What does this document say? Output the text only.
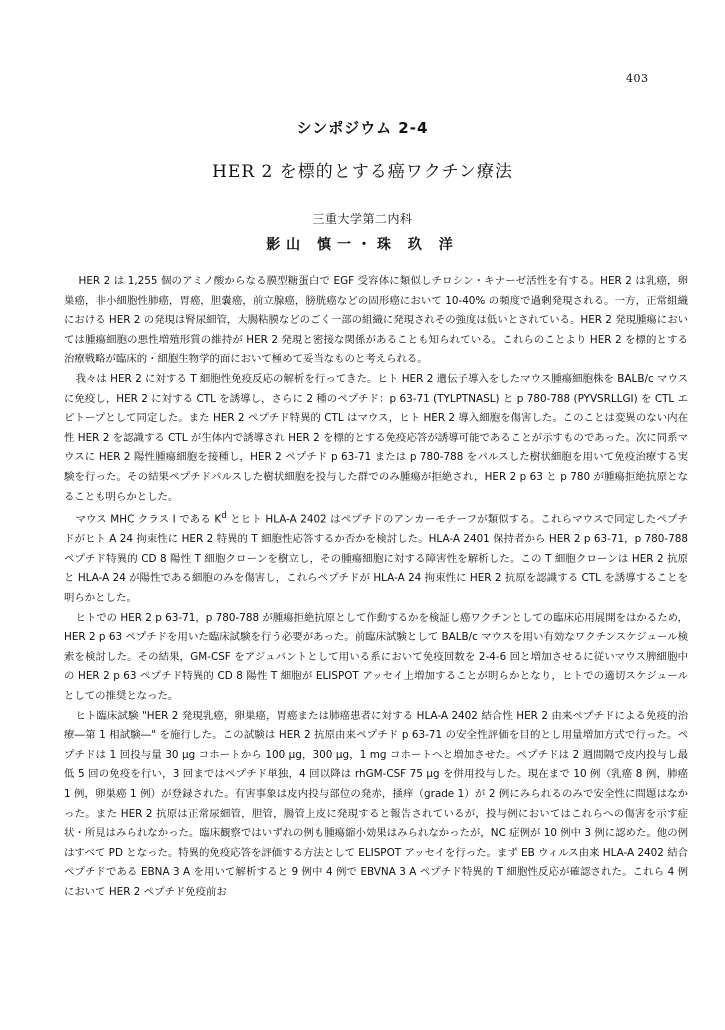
403
シンポジウム 2-4
HER 2 を標的とする癌ワクチン療法
三重大学第二内科
影山 慎一・珠 玖 洋

HER 2 は 1,255 個のアミノ酸からなる膜型糖蛋白で EGF 受容体に類似しチロシン・キナーゼ活性を有する。HER 2 は乳癌，卵巣癌，非小細胞性肺癌，胃癌，胆嚢癌，前立腺癌，膀胱癌などの固形癌において 10-40% の頻度で過剰発現される。一方，正常組織における HER 2 の発現は腎尿細管，大腸粘膜などのごく一部の組織に発現されその強度は低いとされている。HER 2 発現腫瘍においては腫瘍細胞の悪性増殖形質の維持が HER 2 発現と密接な関係があることも知られている。これらのことより HER 2 を標的とする治療戦略が臨床的・細胞生物学的面において極めて妥当なものと考えられる。

我々は HER 2 に対する T 細胞性免疫反応の解析を行ってきた。ヒト HER 2 遺伝子導入をしたマウス腫瘍細胞株を BALB/c マウスに免疫し，HER 2 に対する CTL を誘導し，さらに 2 種のペプチド：p 63-71 (TYLPTNASL) と p 780-788 (PYVSRLLGI) を CTL エピトープとして同定した。また HER 2 ペプチド特異的 CTL はマウス，ヒト HER 2 導入細胞を傷害した。このことは変異のない内在性 HER 2 を認識する CTL が生体内で誘導され HER 2 を標的とする免疫応答が誘導可能であることが示すものであった。次に同系マウスに HER 2 陽性腫瘍細胞を接種し，HER 2 ペプチド p 63-71 または p 780-788 をパルスした樹状細胞を用いて免疫治療する実験を行った。その結果ペプチドパルスした樹状細胞を投与した群でのみ腫瘍が拒絶され，HER 2 p 63 と p 780 が腫瘍拒絶抗原となることも明らかとした。

マウス MHC クラス I である $K^d$ とヒト HLA-A 2402 はペプチドのアンカーモチーフが類似する。これらマウスで同定したペプチドがヒト A 24 拘束性に HER 2 特異的 T 細胞性応答するか否かを検討した。HLA-A 2401 保持者から HER 2 p 63-71，p 780-788 ペプチド特異的 CD 8 陽性 T 細胞クローンを樹立し，その腫瘍細胞に対する障害性を解析した。この T 細胞クローンは HER 2 抗原と HLA-A 24 が陽性である細胞のみを傷害し，これらペプチドが HLA-A 24 拘束性に HER 2 抗原を認識する CTL を誘導することを明らかとした。

ヒトでの HER 2 p 63-71，p 780-788 が腫瘍拒絶抗原として作動するかを検証し癌ワクチンとしての臨床応用展開をはかるため，HER 2 p 63 ペプチドを用いた臨床試験を行う必要があった。前臨床試験として BALB/c マウスを用い有効なワクチンスケジュール検索を検討した。その結果，GM-CSF をアジュバントとして用いる系において免疫回数を 2-4-6 回と増加させるに従いマウス脾細胞中の HER 2 p 63 ペプチド特異的 CD 8 陽性 T 細胞が ELISPOT アッセイ上増加することが明らかとなり，ヒトでの適切スケジュールとしての推奨となった。

ヒト臨床試験 "HER 2 発現乳癌，卵巣癌，胃癌または肺癌患者に対する HLA-A 2402 結合性 HER 2 由来ペプチドによる免疫的治療―第 1 相試験―" を施行した。この試験は HER 2 抗原由来ペプチド p 63-71 の安全性評価を目的とし用量増加方式で行った。ペプチドは 1 回投与量 30 μg コホートから 100 μg，300 μg，1 mg コホートへと増加させた。ペプチドは 2 週間隔で皮内投与し最低 5 回の免疫を行い，3 回まではペプチド単独，4 回以降は rhGM-CSF 75 μg を併用投与した。現在まで 10 例（乳癌 8 例，肺癌 1 例，卵巣癌 1 例）が登録された。有害事象は皮内投与部位の発赤，掻痒（grade 1）が 2 例にみられるのみで安全性に問題はなかった。また HER 2 抗原は正常尿細管，胆管，腸管上皮に発現すると報告されているが，投与例においてはこれらへの傷害を示す症状・所見はみられなかった。臨床観察ではいずれの例も腫瘍縮小効果はみられなかったが，NC 症例が 10 例中 3 例に認めた。他の例はすべて PD となった。特異的免疫応答を評価する方法として ELISPOT アッセイを行った。まず EB ウィルス由来 HLA-A 2402 結合ペプチドである EBNA 3 A を用いて解析すると 9 例中 4 例で EBVNA 3 A ペプチド特異的 T 細胞性反応が確認された。これら 4 例において HER 2 ペプチド免疫前お
